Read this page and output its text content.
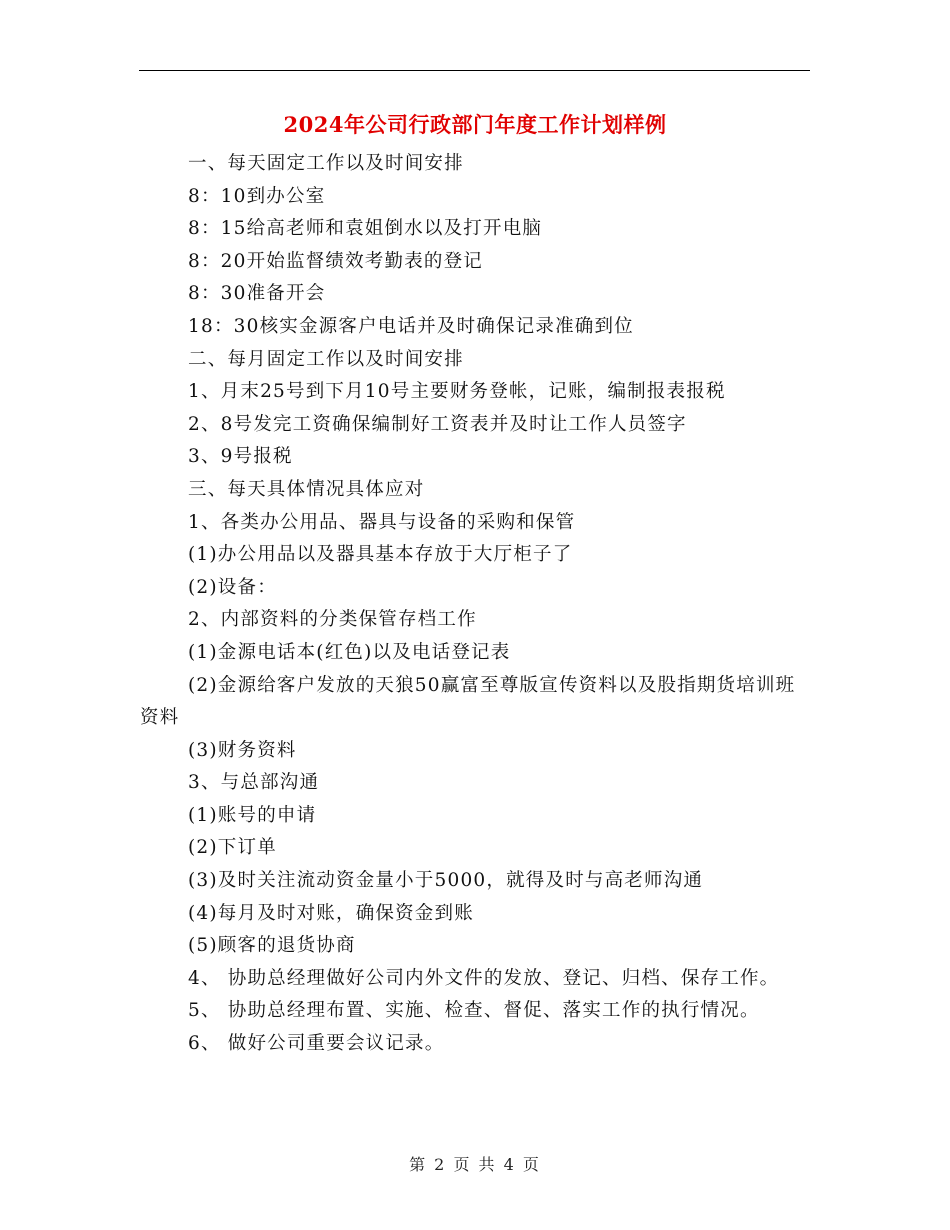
2024年公司行政部门年度工作计划样例

一、每天固定工作以及时间安排

8：10到办公室

8：15给高老师和袁姐倒水以及打开电脑

8：20开始监督绩效考勤表的登记

8：30准备开会

18：30核实金源客户电话并及时确保记录准确到位

二、每月固定工作以及时间安排

1、月末25号到下月10号主要财务登帐，记账，编制报表报税

2、8号发完工资确保编制好工资表并及时让工作人员签字

3、9号报税

三、每天具体情况具体应对

1、各类办公用品、器具与设备的采购和保管

(1)办公用品以及器具基本存放于大厅柜子了

(2)设备：

2、内部资料的分类保管存档工作

(1)金源电话本(红色)以及电话登记表

(2)金源给客户发放的天狼50赢富至尊版宣传资料以及股指期货培训班资料

(3)财务资料

3、与总部沟通

(1)账号的申请

(2)下订单

(3)及时关注流动资金量小于5000，就得及时与高老师沟通

(4)每月及时对账，确保资金到账

(5)顾客的退货协商

4、 协助总经理做好公司内外文件的发放、登记、归档、保存工作。

5、 协助总经理布置、实施、检查、督促、落实工作的执行情况。

6、 做好公司重要会议记录。

第 2 页 共 4 页
